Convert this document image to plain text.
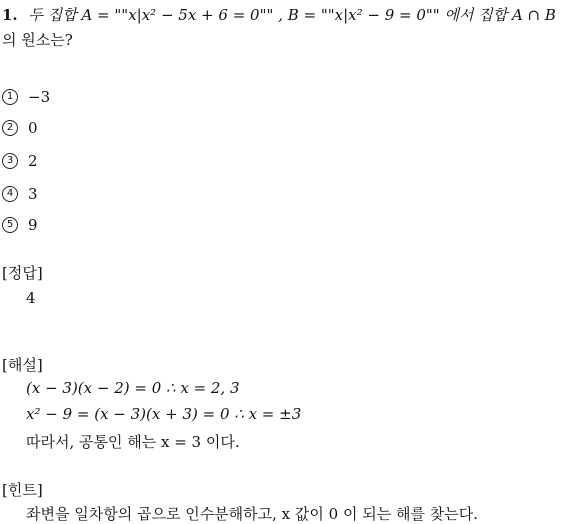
1. 두 집합 A = ""x|x² − 5x + 6 = 0"" , B = ""x|x² − 9 = 0"" 에서 집합 A ∩ B
의 원소는?
1 −3
2 0
3 2
4 3
5 9
[정답]
4
[해설]
(x − 3)(x − 2) = 0 ∴ x = 2, 3
x² − 9 = (x − 3)(x + 3) = 0 ∴ x = ±3
따라서, 공통인 해는 x = 3 이다.
[힌트]
좌변을 일차항의 곱으로 인수분해하고, x 값이 0 이 되는 해를 찾는다.
